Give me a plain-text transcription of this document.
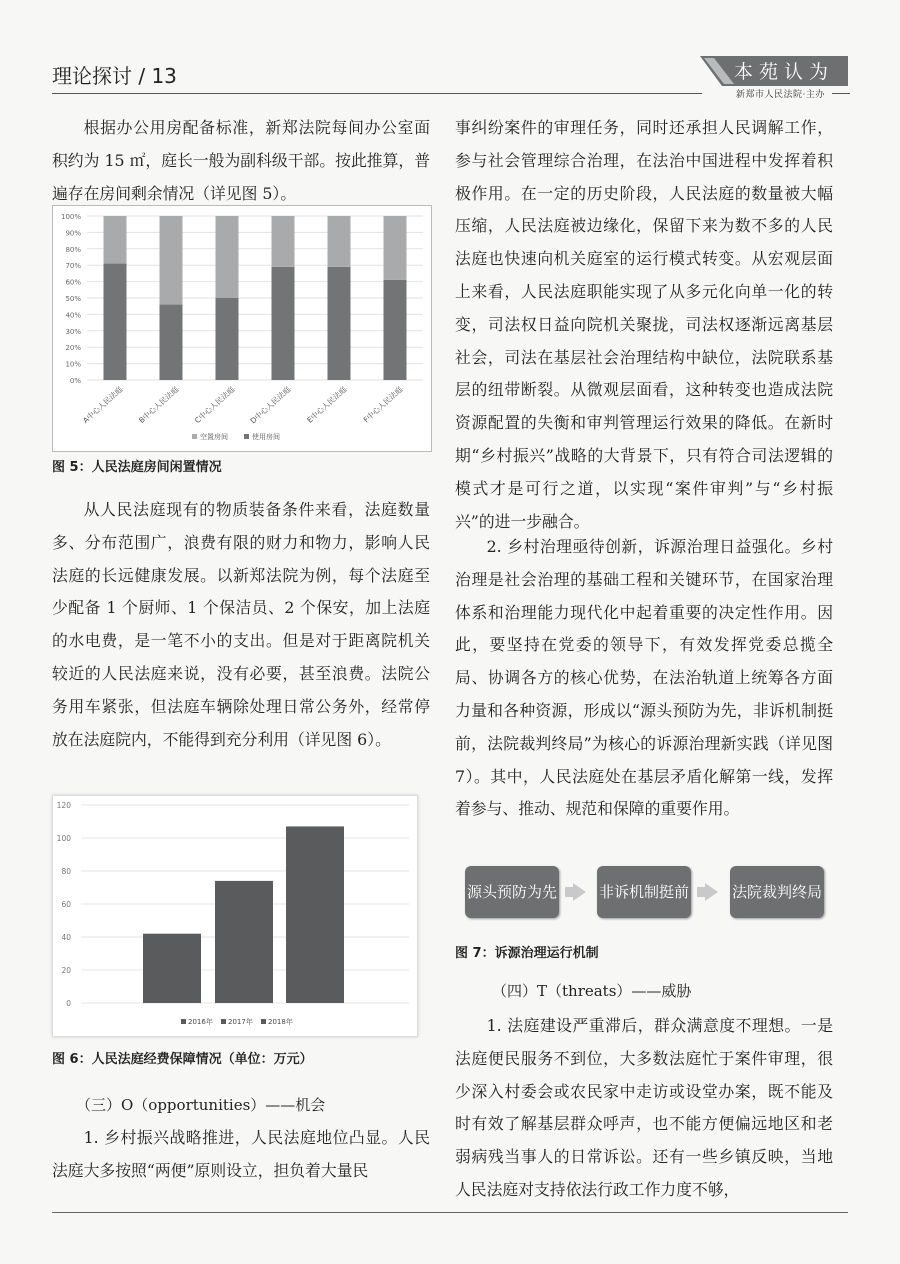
理论探讨 / 13	本苑认为
新郑市人民法院·主办

根据办公用房配备标准，新郑法院每间办公室面积约为 15 ㎡，庭长一般为副科级干部。按此推算，普遍存在房间剩余情况（详见图 5）。

0%
10%
20%
30%
40%
50%
60%
70%
80%
90%
100%
A中心人民法庭 B中心人民法庭 C中心人民法庭 D中心人民法庭 E中心人民法庭 F中心人民法庭
空置房间	使用房间
图 5：人民法庭房间闲置情况

从人民法庭现有的物质装备条件来看，法庭数量多、分布范围广，浪费有限的财力和物力，影响人民法庭的长远健康发展。以新郑法院为例，每个法庭至少配备 1 个厨师、1 个保洁员、2 个保安，加上法庭的水电费，是一笔不小的支出。但是对于距离院机关较近的人民法庭来说，没有必要，甚至浪费。法院公务用车紧张，但法庭车辆除处理日常公务外，经常停放在法庭院内，不能得到充分利用（详见图 6）。

0
20
40
60
80
100
120
2016年 2017年 2018年
图 6：人民法庭经费保障情况（单位：万元）
（三）O（opportunities）——机会

1. 乡村振兴战略推进，人民法庭地位凸显。人民法庭大多按照“两便”原则设立，担负着大量民

事纠纷案件的审理任务，同时还承担人民调解工作，参与社会管理综合治理，在法治中国进程中发挥着积极作用。在一定的历史阶段，人民法庭的数量被大幅压缩，人民法庭被边缘化，保留下来为数不多的人民法庭也快速向机关庭室的运行模式转变。从宏观层面上来看，人民法庭职能实现了从多元化向单一化的转变，司法权日益向院机关聚拢，司法权逐渐远离基层社会，司法在基层社会治理结构中缺位，法院联系基层的纽带断裂。从微观层面看，这种转变也造成法院资源配置的失衡和审判管理运行效果的降低。在新时期“乡村振兴”战略的大背景下，只有符合司法逻辑的模式才是可行之道，以实现“案件审判”与“乡村振兴”的进一步融合。

2. 乡村治理亟待创新，诉源治理日益强化。乡村治理是社会治理的基础工程和关键环节，在国家治理体系和治理能力现代化中起着重要的决定性作用。因此，要坚持在党委的领导下，有效发挥党委总揽全局、协调各方的核心优势，在法治轨道上统筹各方面力量和各种资源，形成以“源头预防为先，非诉机制挺前，法院裁判终局”为核心的诉源治理新实践（详见图 7）。其中，人民法庭处在基层矛盾化解第一线，发挥着参与、推动、规范和保障的重要作用。

源头预防为先	非诉机制挺前	法院裁判终局
图 7：诉源治理运行机制
（四）T（threats）——威胁

1. 法庭建设严重滞后，群众满意度不理想。一是法庭便民服务不到位，大多数法庭忙于案件审理，很少深入村委会或农民家中走访或设堂办案，既不能及时有效了解基层群众呼声，也不能方便偏远地区和老弱病残当事人的日常诉讼。还有一些乡镇反映，当地人民法庭对支持依法行政工作力度不够，
